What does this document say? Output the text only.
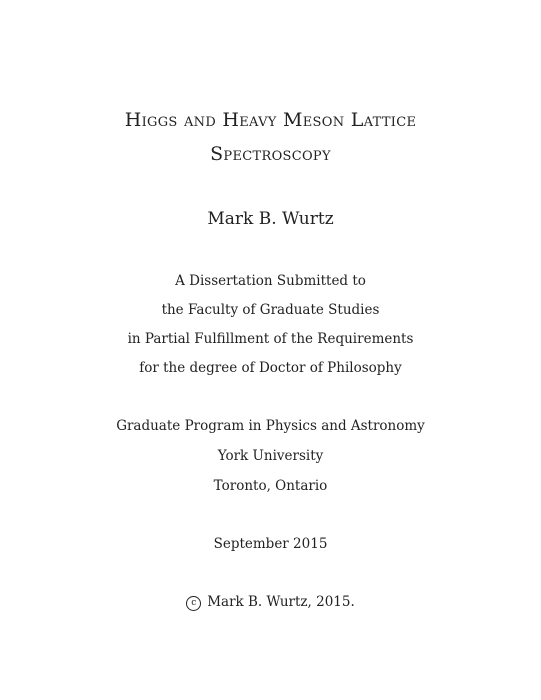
Higgs and Heavy Meson Lattice
Spectroscopy
Mark B. Wurtz
A Dissertation Submitted to
the Faculty of Graduate Studies
in Partial Fulfillment of the Requirements
for the degree of Doctor of Philosophy
Graduate Program in Physics and Astronomy
York University
Toronto, Ontario
September 2015
c Mark B. Wurtz, 2015.
